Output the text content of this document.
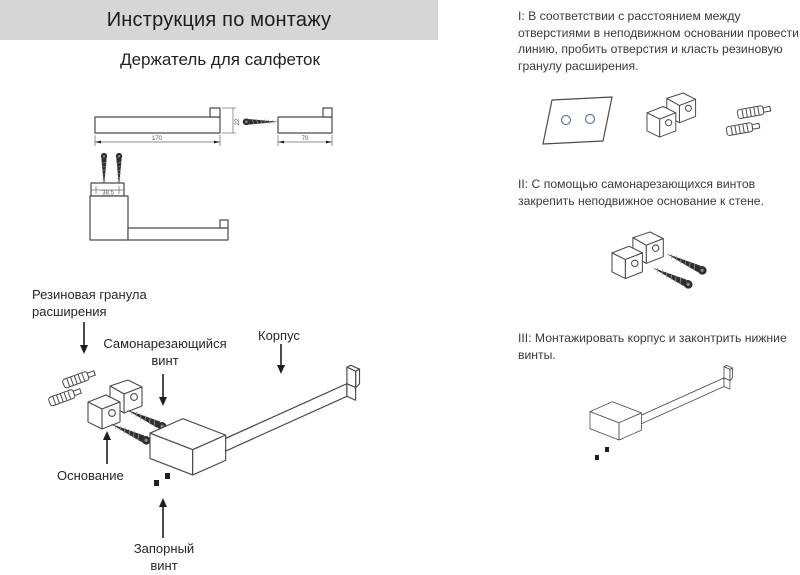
Инструкция по монтажу
Держатель для салфеток
170
22
70
38.5
Резиновая гранула расширения
Самонарезающийся винт
Корпус
Основание
Запорный винт
I: В соответствии с расстоянием между отверстиями в неподвижном основании провести линию, пробить отверстия и класть резиновую гранулу расширения.
II: С помощью самонарезающихся винтов закрепить неподвижное основание к стене.
III: Монтажировать корпус и законтрить нижние винты.
